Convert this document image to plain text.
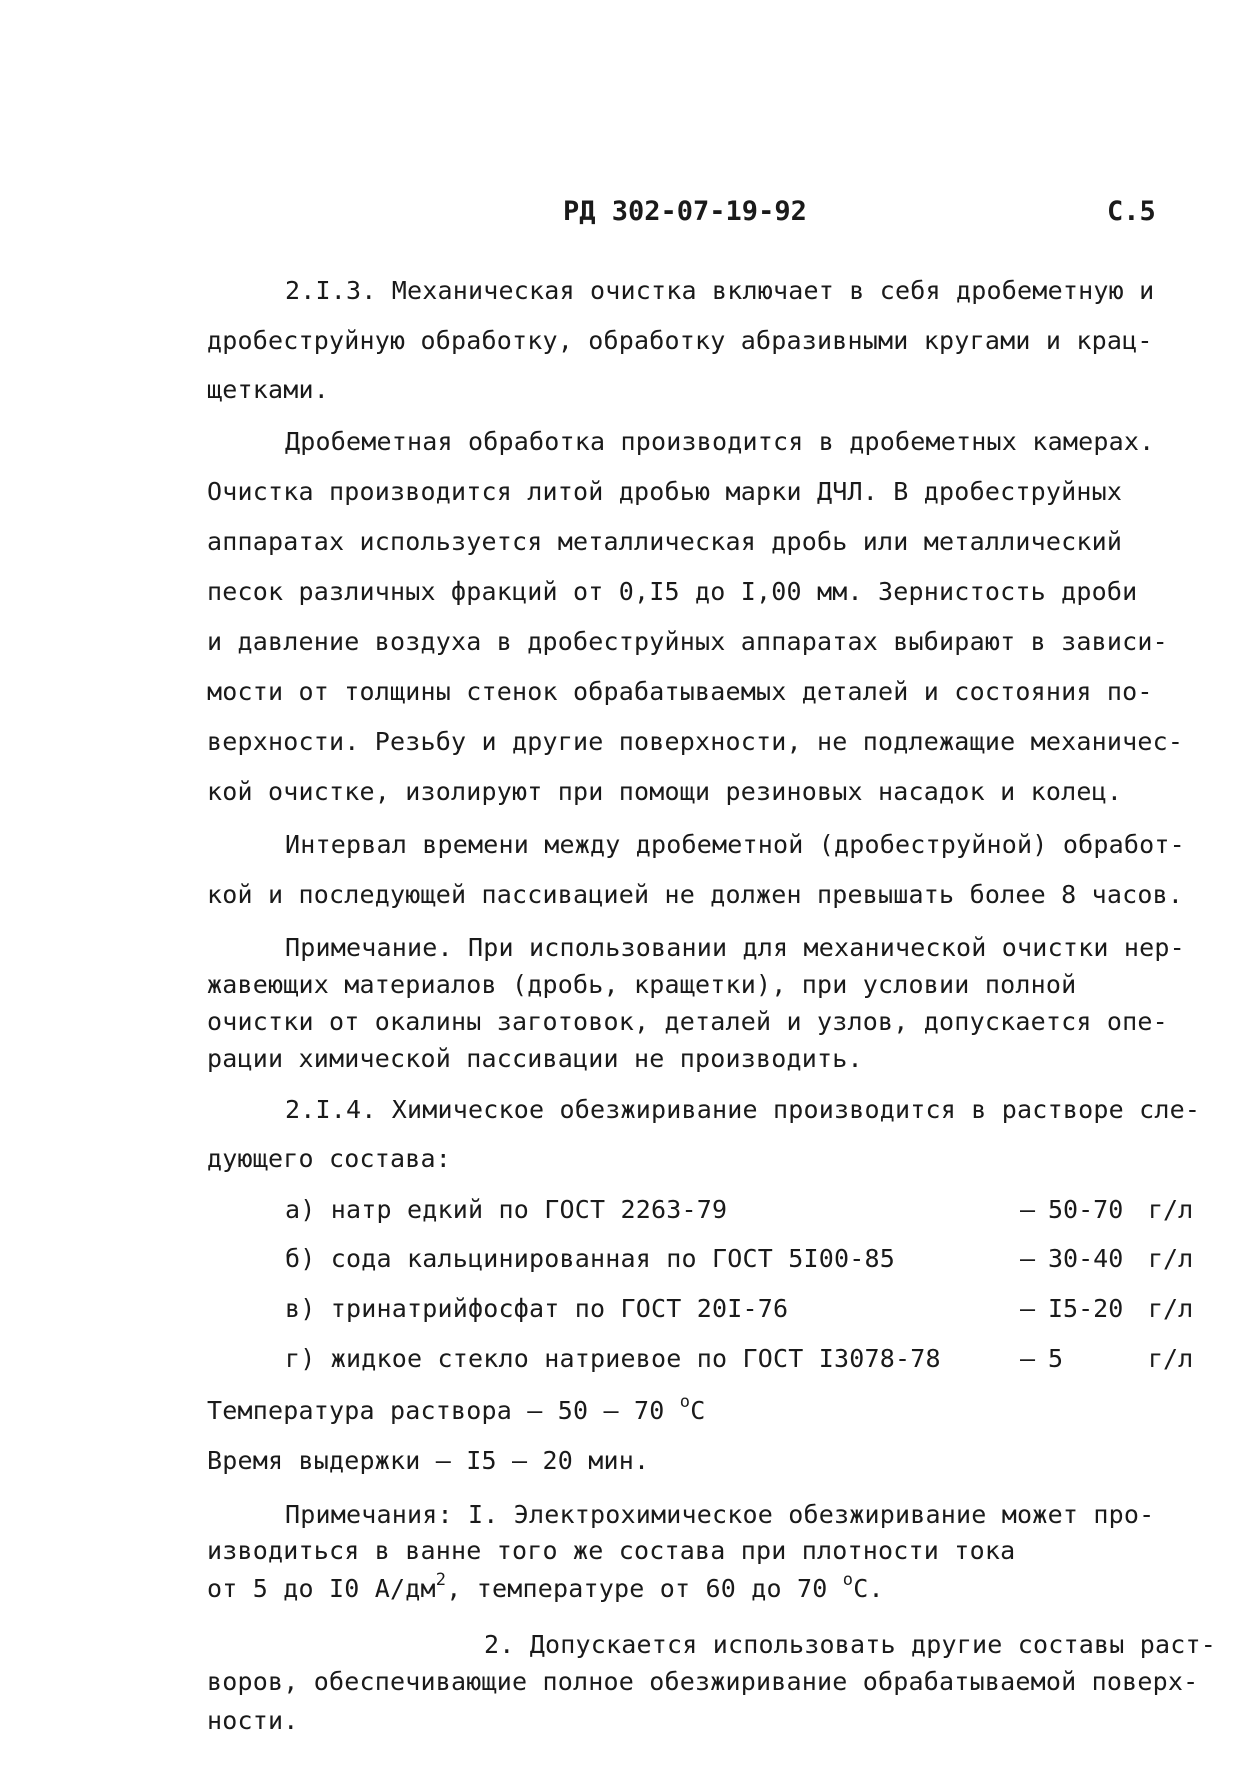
РД 302-07-19-92	С.5
2.I.3. Механическая очистка включает в себя дробеметную и
дробеструйную обработку, обработку абразивными кругами и крац-
щетками.
Дробеметная обработка производится в дробеметных камерах.
Очистка производится литой дробью марки ДЧЛ. В дробеструйных
аппаратах используется металлическая дробь или металлический
песок различных фракций от 0,I5 до I,00 мм. Зернистость дроби
и давление воздуха в дробеструйных аппаратах выбирают в зависи-
мости от толщины стенок обрабатываемых деталей и состояния по-
верхности. Резьбу и другие поверхности, не подлежащие механичес-
кой очистке, изолируют при помощи резиновых насадок и колец.
Интервал времени между дробеметной (дробеструйной) обработ-
кой и последующей пассивацией не должен превышать более 8 часов.
Примечание. При использовании для механической очистки нер-
жавеющих материалов (дробь, кращетки), при условии полной
очистки от окалины заготовок, деталей и узлов, допускается опе-
рации химической пассивации не производить.
2.I.4. Химическое обезжиривание производится в растворе сле-
дующего состава:
а) натр едкий по ГОСТ 2263-79	– 50-70 г/л
б) сода кальцинированная по ГОСТ 5I00-85	– 30-40 г/л
в) тринатрийфосфат по ГОСТ 20I-76	– I5-20 г/л
г) жидкое стекло натриевое по ГОСТ I3078-78	– 5	г/л
Температура раствора – 50 – 70 $^o$С
Время выдержки – I5 – 20 мин.
Примечания: I. Электрохимическое обезжиривание может про-
изводиться в ванне того же состава при плотности тока
от 5 до I0 $А/дм^2$, температуре от 60 до 70 $^o$С.
2. Допускается использовать другие составы раст-
воров, обеспечивающие полное обезжиривание обрабатываемой поверх-
ности.
